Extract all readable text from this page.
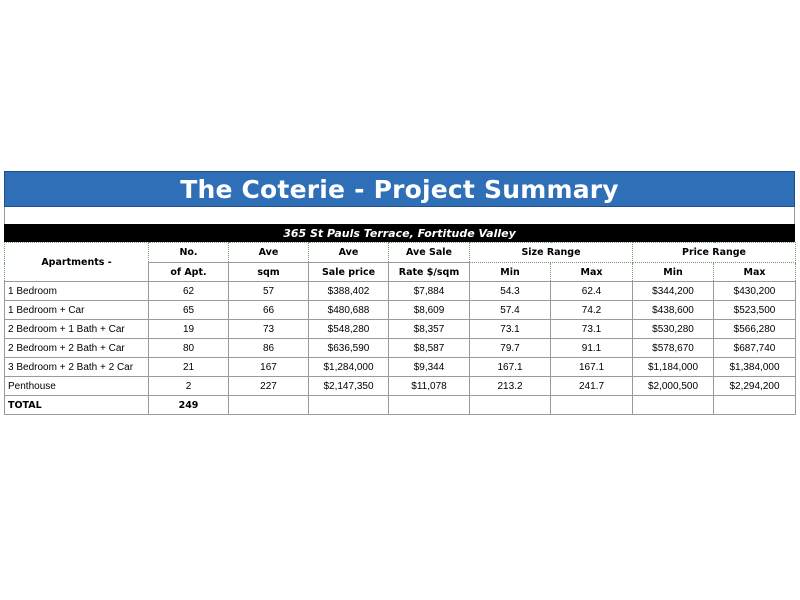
The Coterie - Project Summary
365 St Pauls Terrace, Fortitude Valley
Apartments -	No.	Ave	Ave	Ave Sale	Size Range		Price Range	
	of Apt.	sqm	Sale price	Rate $/sqm	Min	Max	Min	Max
1 Bedroom	62	57	$388,402	$7,884	54.3	62.4	$344,200	$430,200
1 Bedroom + Car	65	66	$480,688	$8,609	57.4	74.2	$438,600	$523,500
2 Bedroom + 1 Bath + Car	19	73	$548,280	$8,357	73.1	73.1	$530,280	$566,280
2 Bedroom + 2 Bath + Car	80	86	$636,590	$8,587	79.7	91.1	$578,670	$687,740
3 Bedroom + 2 Bath + 2 Car	21	167	$1,284,000	$9,344	167.1	167.1	$1,184,000	$1,384,000
Penthouse	2	227	$2,147,350	$11,078	213.2	241.7	$2,000,500	$2,294,200
TOTAL	249							
